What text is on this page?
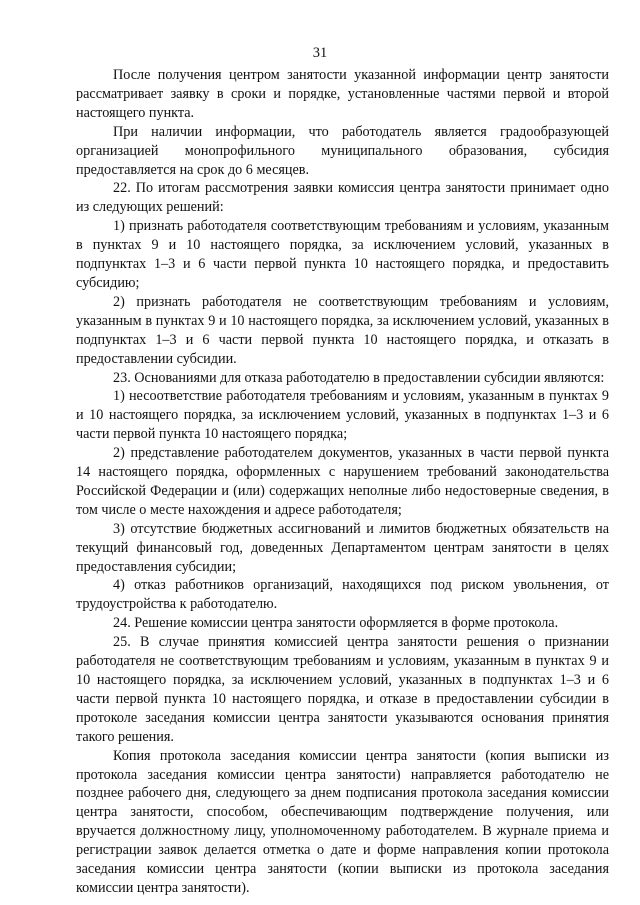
31

После получения центром занятости указанной информации центр занятости рассматривает заявку в сроки и порядке, установленные частями первой и второй настоящего пункта.

При наличии информации, что работодатель является градообразующей организацией монопрофильного муниципального образования, субсидия предоставляется на срок до 6 месяцев.

22. По итогам рассмотрения заявки комиссия центра занятости принимает одно из следующих решений:

1) признать работодателя соответствующим требованиям и условиям, указанным в пунктах 9 и 10 настоящего порядка, за исключением условий, указанных в подпунктах 1–3 и 6 части первой пункта 10 настоящего порядка, и предоставить субсидию;

2) признать работодателя не соответствующим требованиям и условиям, указанным в пунктах 9 и 10 настоящего порядка, за исключением условий, указанных в подпунктах 1–3 и 6 части первой пункта 10 настоящего порядка, и отказать в предоставлении субсидии.

23. Основаниями для отказа работодателю в предоставлении субсидии являются:

1) несоответствие работодателя требованиям и условиям, указанным в пунктах 9 и 10 настоящего порядка, за исключением условий, указанных в подпунктах 1–3 и 6 части первой пункта 10 настоящего порядка;

2) представление работодателем документов, указанных в части первой пункта 14 настоящего порядка, оформленных с нарушением требований законодательства Российской Федерации и (или) содержащих неполные либо недостоверные сведения, в том числе о месте нахождения и адресе работодателя;

3) отсутствие бюджетных ассигнований и лимитов бюджетных обязательств на текущий финансовый год, доведенных Департаментом центрам занятости в целях предоставления субсидии;

4) отказ работников организаций, находящихся под риском увольнения, от трудоустройства к работодателю.

24. Решение комиссии центра занятости оформляется в форме протокола.

25. В случае принятия комиссией центра занятости решения о признании работодателя не соответствующим требованиям и условиям, указанным в пунктах 9 и 10 настоящего порядка, за исключением условий, указанных в подпунктах 1–3 и 6 части первой пункта 10 настоящего порядка, и отказе в предоставлении субсидии в протоколе заседания комиссии центра занятости указываются основания принятия такого решения.

Копия протокола заседания комиссии центра занятости (копия выписки из протокола заседания комиссии центра занятости) направляется работодателю не позднее рабочего дня, следующего за днем подписания протокола заседания комиссии центра занятости, способом, обеспечивающим подтверждение получения, или вручается должностному лицу, уполномоченному работодателем. В журнале приема и регистрации заявок делается отметка о дате и форме направления копии протокола заседания комиссии центра занятости (копии выписки из протокола заседания комиссии центра занятости).
